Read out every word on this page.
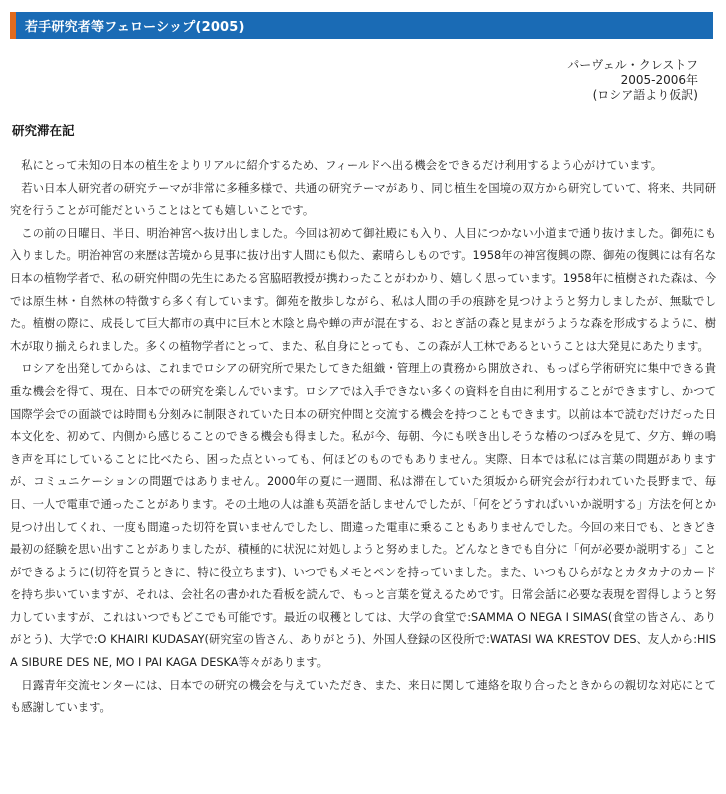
若手研究者等フェローシップ(2005)
パーヴェル・クレストフ
2005-2006年
(ロシア語より仮訳)
研究滞在記

私にとって未知の日本の植生をよりリアルに紹介するため、フィールドへ出る機会をできるだけ利用するよう心がけています。

若い日本人研究者の研究テーマが非常に多種多様で、共通の研究テーマがあり、同じ植生を国境の双方から研究していて、将来、共同研究を行うことが可能だということはとても嬉しいことです。

この前の日曜日、半日、明治神宮へ抜け出しました。今回は初めて御社殿にも入り、人目につかない小道まで通り抜けました。御苑にも入りました。明治神宮の来歴は苦境から見事に抜け出す人間にも似た、素晴らしものです。1958年の神宮復興の際、御苑の復興には有名な日本の植物学者で、私の研究仲間の先生にあたる宮脇昭教授が携わったことがわかり、嬉しく思っています。1958年に植樹された森は、今では原生林・自然林の特徴すら多く有しています。御苑を散歩しながら、私は人間の手の痕跡を見つけようと努力しましたが、無駄でした。植樹の際に、成長して巨大都市の真中に巨木と木陰と鳥や蝉の声が混在する、おとぎ話の森と見まがうような森を形成するように、樹木が取り揃えられました。多くの植物学者にとって、また、私自身にとっても、この森が人工林であるということは大発見にあたります。

ロシアを出発してからは、これまでロシアの研究所で果たしてきた組織・管理上の責務から開放され、もっぱら学術研究に集中できる貴重な機会を得て、現在、日本での研究を楽しんでいます。ロシアでは入手できない多くの資料を自由に利用することができますし、かつて国際学会での面談では時間も分刻みに制限されていた日本の研究仲間と交流する機会を持つこともできます。以前は本で読むだけだった日本文化を、初めて、内側から感じることのできる機会も得ました。私が今、毎朝、今にも咲き出しそうな椿のつぼみを見て、夕方、蝉の鳴き声を耳にしていることに比べたら、困った点といっても、何ほどのものでもありません。実際、日本では私には言葉の問題がありますが、コミュニケーションの問題ではありません。2000年の夏に一週間、私は滞在していた須坂から研究会が行われていた長野まで、毎日、一人で電車で通ったことがあります。その土地の人は誰も英語を話しませんでしたが、「何をどうすればいいか説明する」方法を何とか見つけ出してくれ、一度も間違った切符を買いませんでしたし、間違った電車に乗ることもありませんでした。今回の来日でも、ときどき最初の経験を思い出すことがありましたが、積極的に状況に対処しようと努めました。どんなときでも自分に「何が必要か説明する」ことができるように(切符を買うときに、特に役立ちます)、いつでもメモとペンを持っていました。また、いつもひらがなとカタカナのカードを持ち歩いていますが、それは、会社名の書かれた看板を読んで、もっと言葉を覚えるためです。日常会話に必要な表現を習得しようと努力していますが、これはいつでもどこでも可能です。最近の収穫としては、大学の食堂で:SAMMA O NEGA I SIMAS(食堂の皆さん、ありがとう)、大学で:O KHAIRI KUDASAY(研究室の皆さん、ありがとう)、外国人登録の区役所で:WATASI WA KRESTOV DES、友人から:HISA SIBURE DES NE, MO I PAI KAGA DESKA等々があります。

日露青年交流センターには、日本での研究の機会を与えていただき、また、来日に関して連絡を取り合ったときからの親切な対応にとても感謝しています。
